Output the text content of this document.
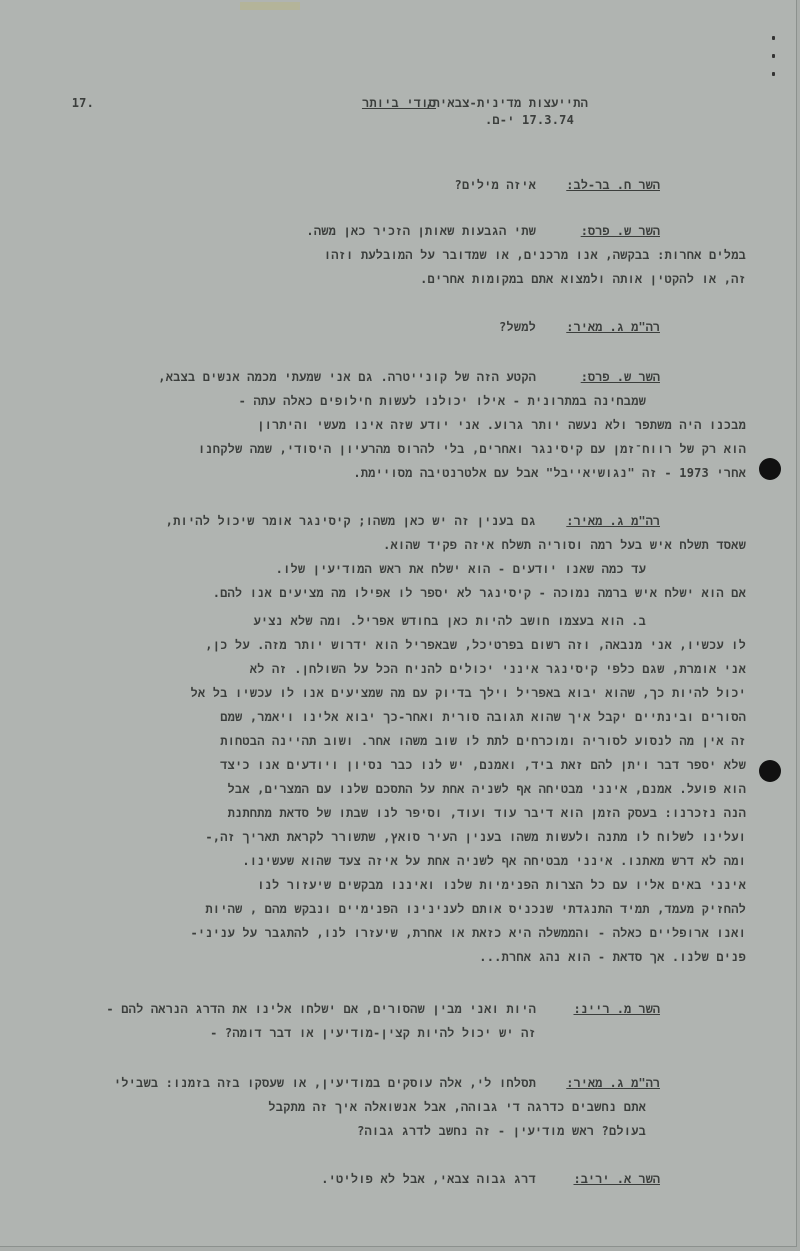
התייעצות מדינית-צבאית,
17.3.74 י-ם.
סודי ביותר
.17
השר ח. בר-לב:
איזה מילים?
השר ש. פרס:
שתי הגבעות שאותן הזכיר כאן משה.
במלים אחרות: בבקשה, אנו מרכנים, או שמדובר על המובלעת וזהו
זה, או להקטין אותה ולמצוא אתם במקומות אחרים.
רה"מ ג. מאיר:
למשל?
השר ש. פרס:
הקטע הזה של קונייטרה. גם אני שמעתי מכמה אנשים בצבא,
שמבחינה במתרונית - אילו יכולנו לעשות חילופים כאלה עתה -
מבכנו היה משתפר ולא נעשה יותר גרוע. אני יודע שזה אינו מעשי והיתרון
הוא רק של רווח־זמן עם קיסינגר ואחרים, בלי להרוס מהרעיון היסודי, שמה שלקחנו
אחרי 1973 - זה "נגושיאייבל" אבל עם אלטרנטיבה מסויימת.
רה"מ ג. מאיר:
גם בענין זה יש כאן משהו; קיסינגר אומר שיכול להיות,
שאסד תשלח איש בעל רמה וסוריה תשלח איזה פקיד שהוא.
עד כמה שאנו יודעים - הוא ישלח את ראש המודיעין שלו.
אם הוא ישלח איש ברמה נמוכה - קיסינגר לא יספר לו אפילו מה מציעים אנו להם.
ב. הוא בעצמו חושב להיות כאן בחודש אפריל. ומה שלא נציע
לו עכשיו, אני מנבאה, וזה רשום בפרטיכל, שבאפריל הוא ידרוש יותר מזה. על כן,
אני אומרת, שגם כלפי קיסינגר אינני יכולים להניח הכל על השולחן. זה לא
יכול להיות כך, שהוא יבוא באפריל וילך בדיוק עם מה שמציעים אנו לו עכשיו בל אל
הסורים ובינתיים יקבל איך שהוא תגובה סורית ואחר-כך יבוא אלינו ויאמר, שמם
זה אין מה לנסוע לסוריה ומוכרחים לתת לו שוב משהו אחר. ושוב תהיינה הבטחות
שלא יספר דבר ויתן להם זאת ביד, ואמנם, יש לנו כבר נסיון ויודעים אנו כיצד
הוא פועל. אמנם, אינני מבטיחה אף לשניה אחת על התסכם שלנו עם המצרים, אבל
הנה נזכרנו: בעסק הזמן הוא דיבר עוד ועוד, וסיפר לנו שבתו של סדאת מתחתנת
ועלינו לשלוח לו מתנה ולעשות משהו בענין העיר סואץ, שתשורר לקראת תאריך זה,-
ומה לא דרש מאתנו. אינני מבטיחה אף לשניה אחת על איזה צעד שהוא שעשינו.
אינני באים אליו עם כל הצרות הפנימיות שלנו ואיננו מבקשים שיעזור לנו
להחזיק מעמד, תמיד התנגדתי שנכניס אותם לענינינו הפנימיים ונבקש מהם , שהיות
ואנו ארופליים כאלה - והממשלה היא כזאת או אחרת, שיעזרו לנו, להתגבר על עניני-
פנים שלנו. אך סדאת - הוא נהג אחרת...
השר מ. ריינ:
היות ואני מבין שהסורים, אם ישלחו אלינו את הדרג הנראה להם -
זה יש יכול להיות קצין-מודיעין או דבר דומה? -
רה"מ ג. מאיר:
תסלחו לי, אלה עוסקים במודיעין, או שעסקו בזה בזמנו: בשבילי
אתם נחשבים כדרגה די גבוהה, אבל אנשואלה איך זה מתקבל
בעולם? ראש מודיעין - זה נחשב לדרג גבוה?
השר א. יריב:
דרג גבוה צבאי, אבל לא פוליטי.
